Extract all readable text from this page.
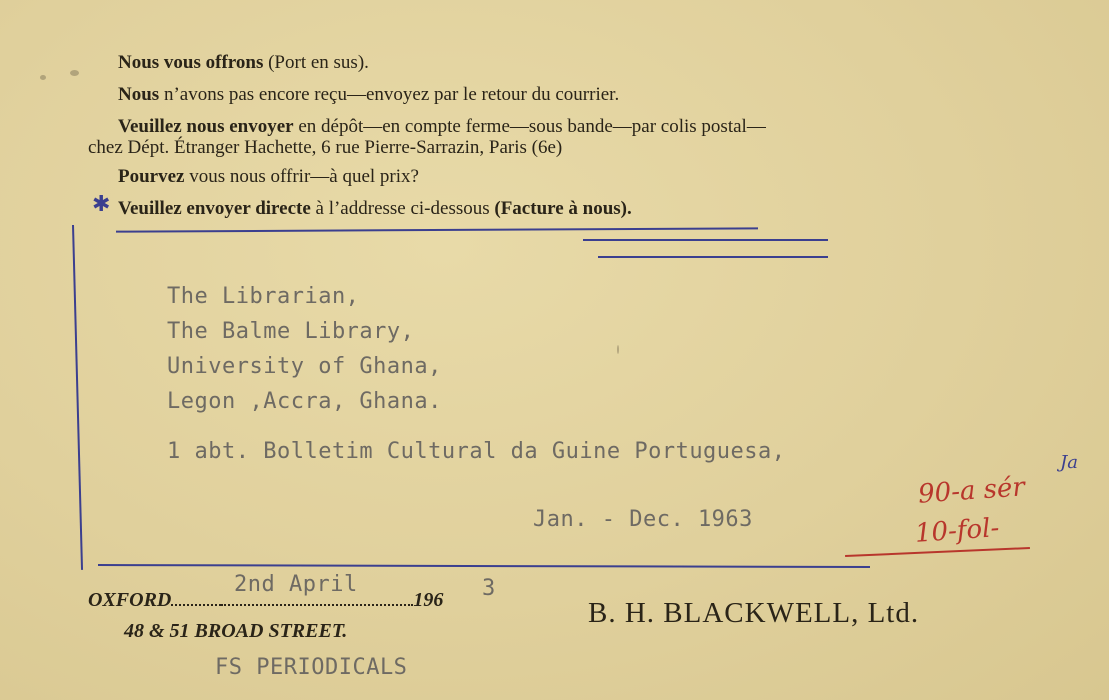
Nous vous offrons (Port en sus).
Nous n’avons pas encore reçu—envoyez par le retour du courrier.
Veuillez nous envoyer en dépôt—en compte ferme—sous bande—par colis postal—
chez Dépt. Étranger Hachette, 6 rue Pierre-Sarrazin, Paris (6e)
Pourvez vous nous offrir—à quel prix?
Veuillez envoyer directe à l’addresse ci-dessous (Facture à nous).
✱
The Librarian,
The Balme Library,
University of Ghana,
Legon ,Accra, Ghana.
1 abt. Bolletim Cultural da Guine Portuguesa,
Jan. - Dec. 1963
90-a sér
10-fol-
Ja
OXFORD	196
2nd April	3
48 & 51 BROAD STREET.
FS PERIODICALS
B. H. BLACKWELL, Ltd.
